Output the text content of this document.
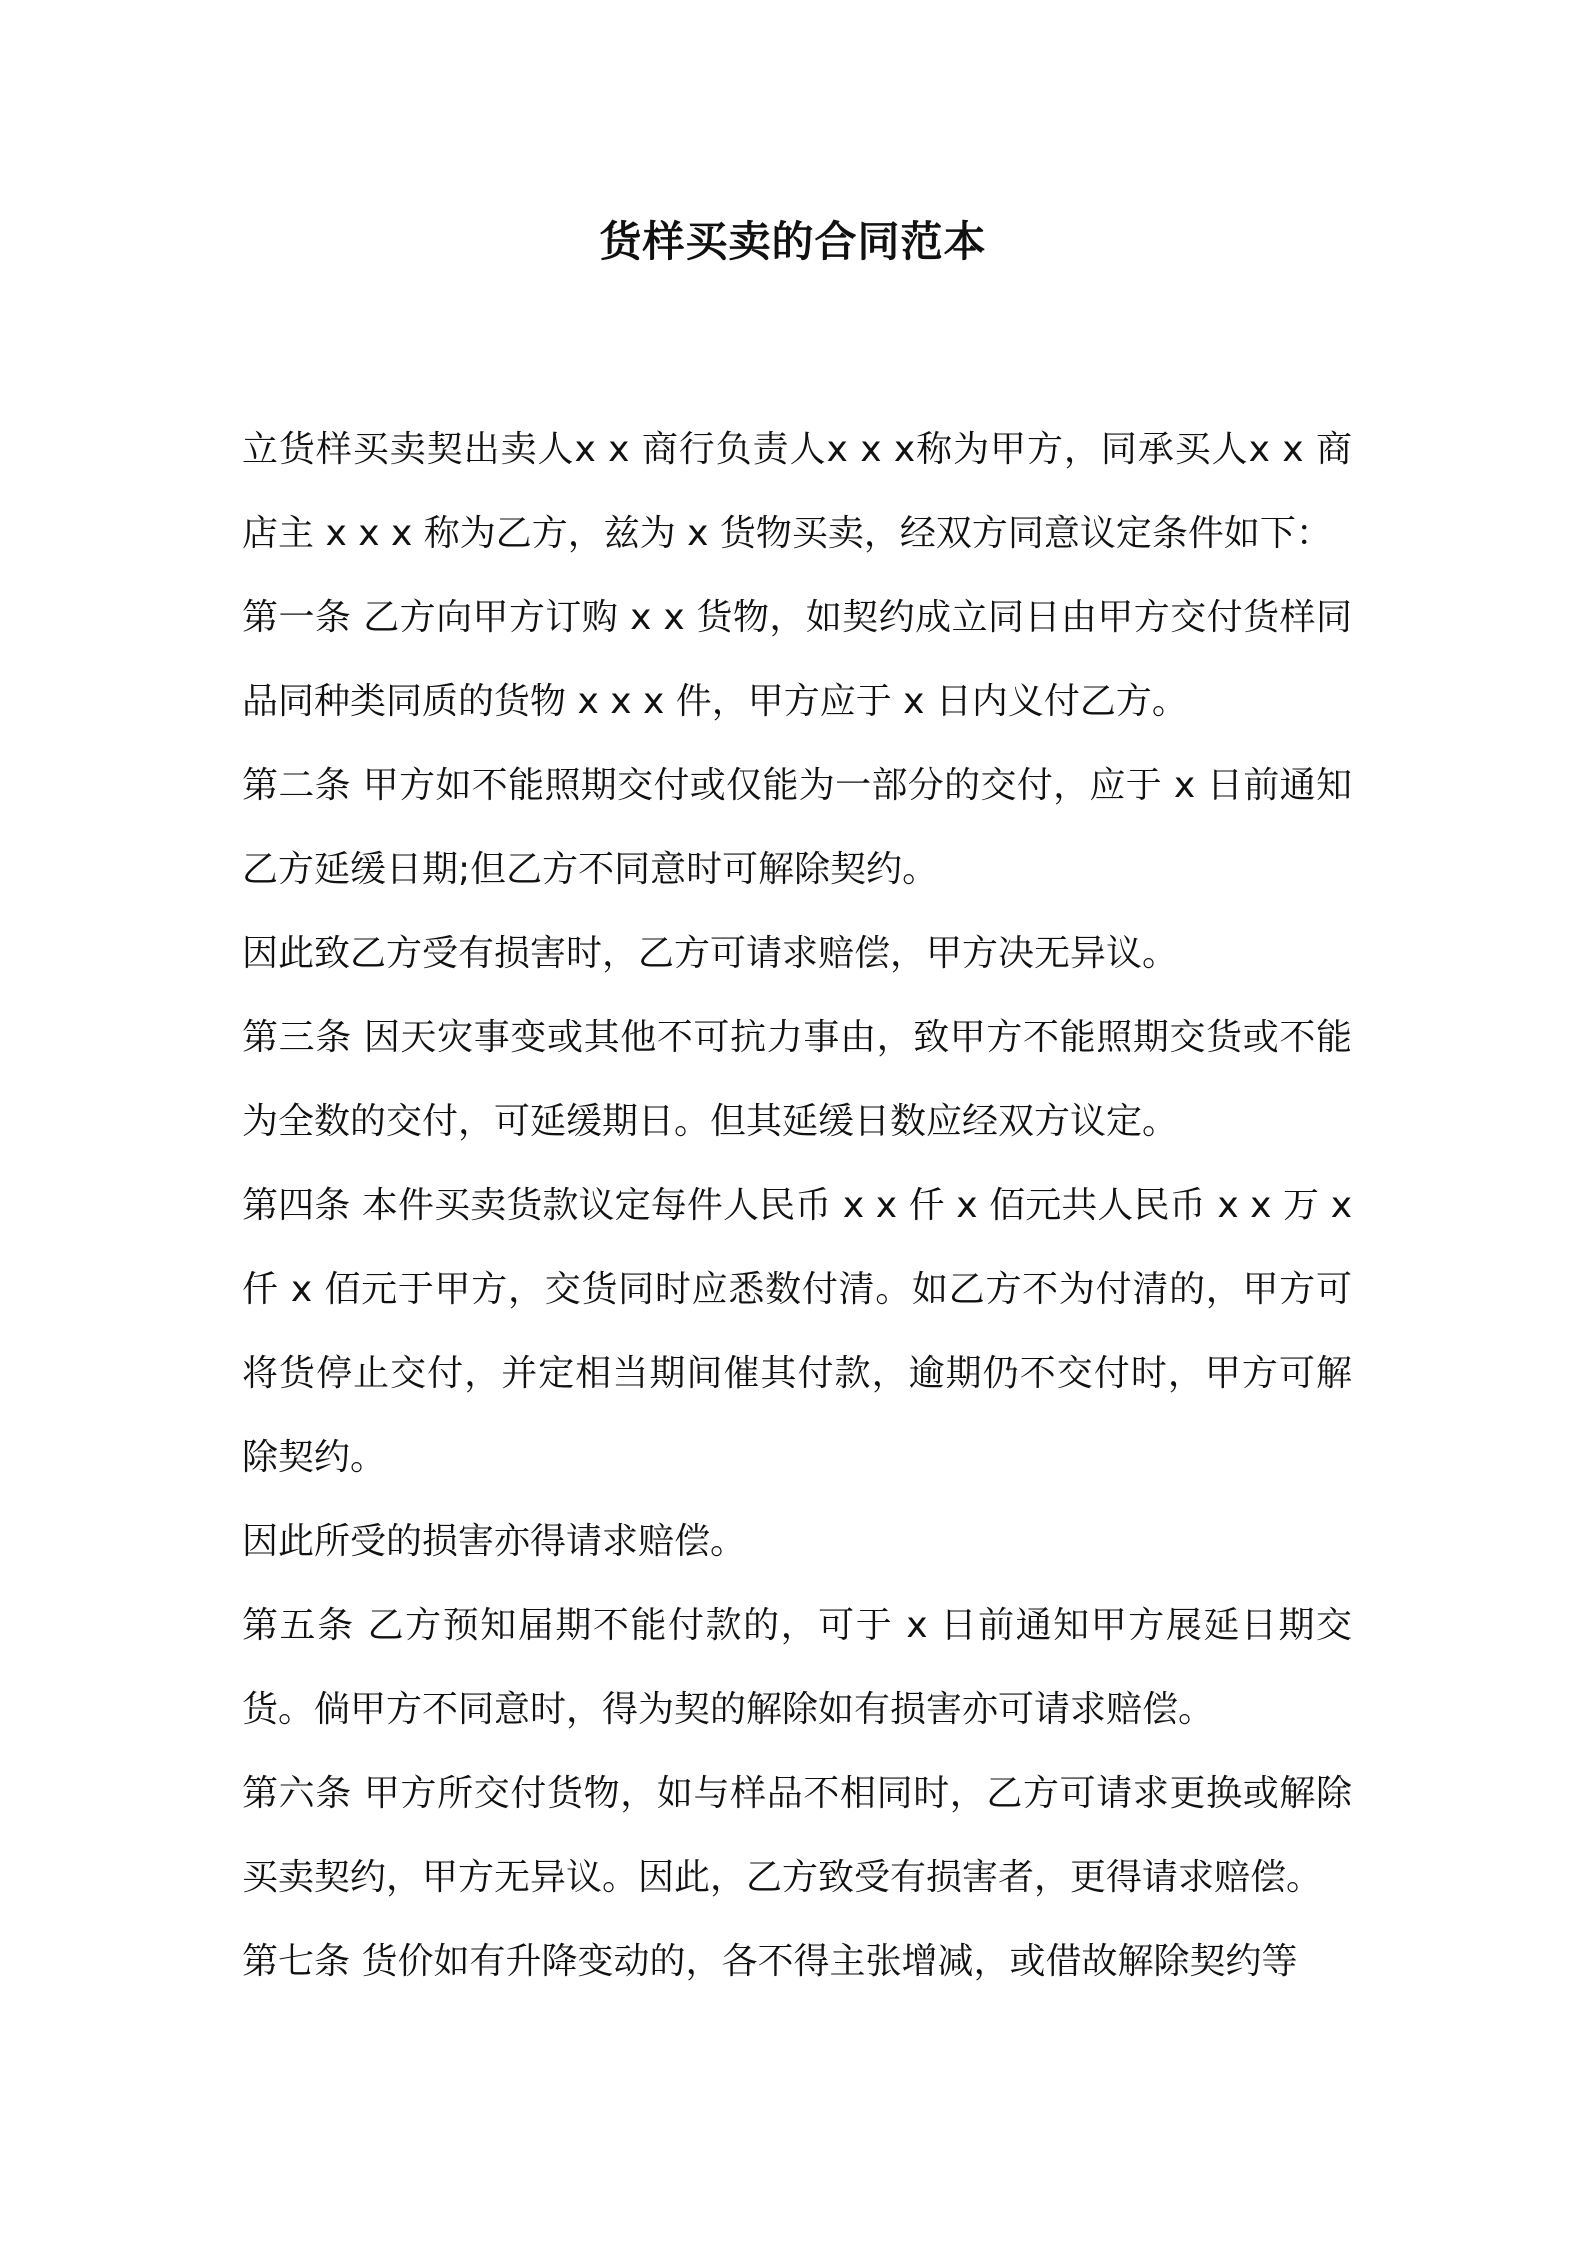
货样买卖的合同范本

立货样买卖契出卖人x x 商行负责人x x x称为甲方，同承买人x x 商店主 x x x 称为乙方，兹为 x 货物买卖，经双方同意议定条件如下：

第一条 乙方向甲方订购 x x 货物，如契约成立同日由甲方交付货样同品同种类同质的货物 x x x 件，甲方应于 x 日内义付乙方。

第二条 甲方如不能照期交付或仅能为一部分的交付，应于 x 日前通知乙方延缓日期;但乙方不同意时可解除契约。

因此致乙方受有损害时，乙方可请求赔偿，甲方决无异议。

第三条 因天灾事变或其他不可抗力事由，致甲方不能照期交货或不能为全数的交付，可延缓期日。但其延缓日数应经双方议定。

第四条 本件买卖货款议定每件人民币 x x 仟 x 佰元共人民币 x x 万 x 仟 x 佰元于甲方，交货同时应悉数付清。如乙方不为付清的，甲方可将货停止交付，并定相当期间催其付款，逾期仍不交付时，甲方可解除契约。

因此所受的损害亦得请求赔偿。

第五条 乙方预知届期不能付款的，可于 x 日前通知甲方展延日期交货。倘甲方不同意时，得为契的解除如有损害亦可请求赔偿。

第六条 甲方所交付货物，如与样品不相同时，乙方可请求更换或解除买卖契约，甲方无异议。因此，乙方致受有损害者，更得请求赔偿。

第七条 货价如有升降变动的，各不得主张增减，或借故解除契约等
